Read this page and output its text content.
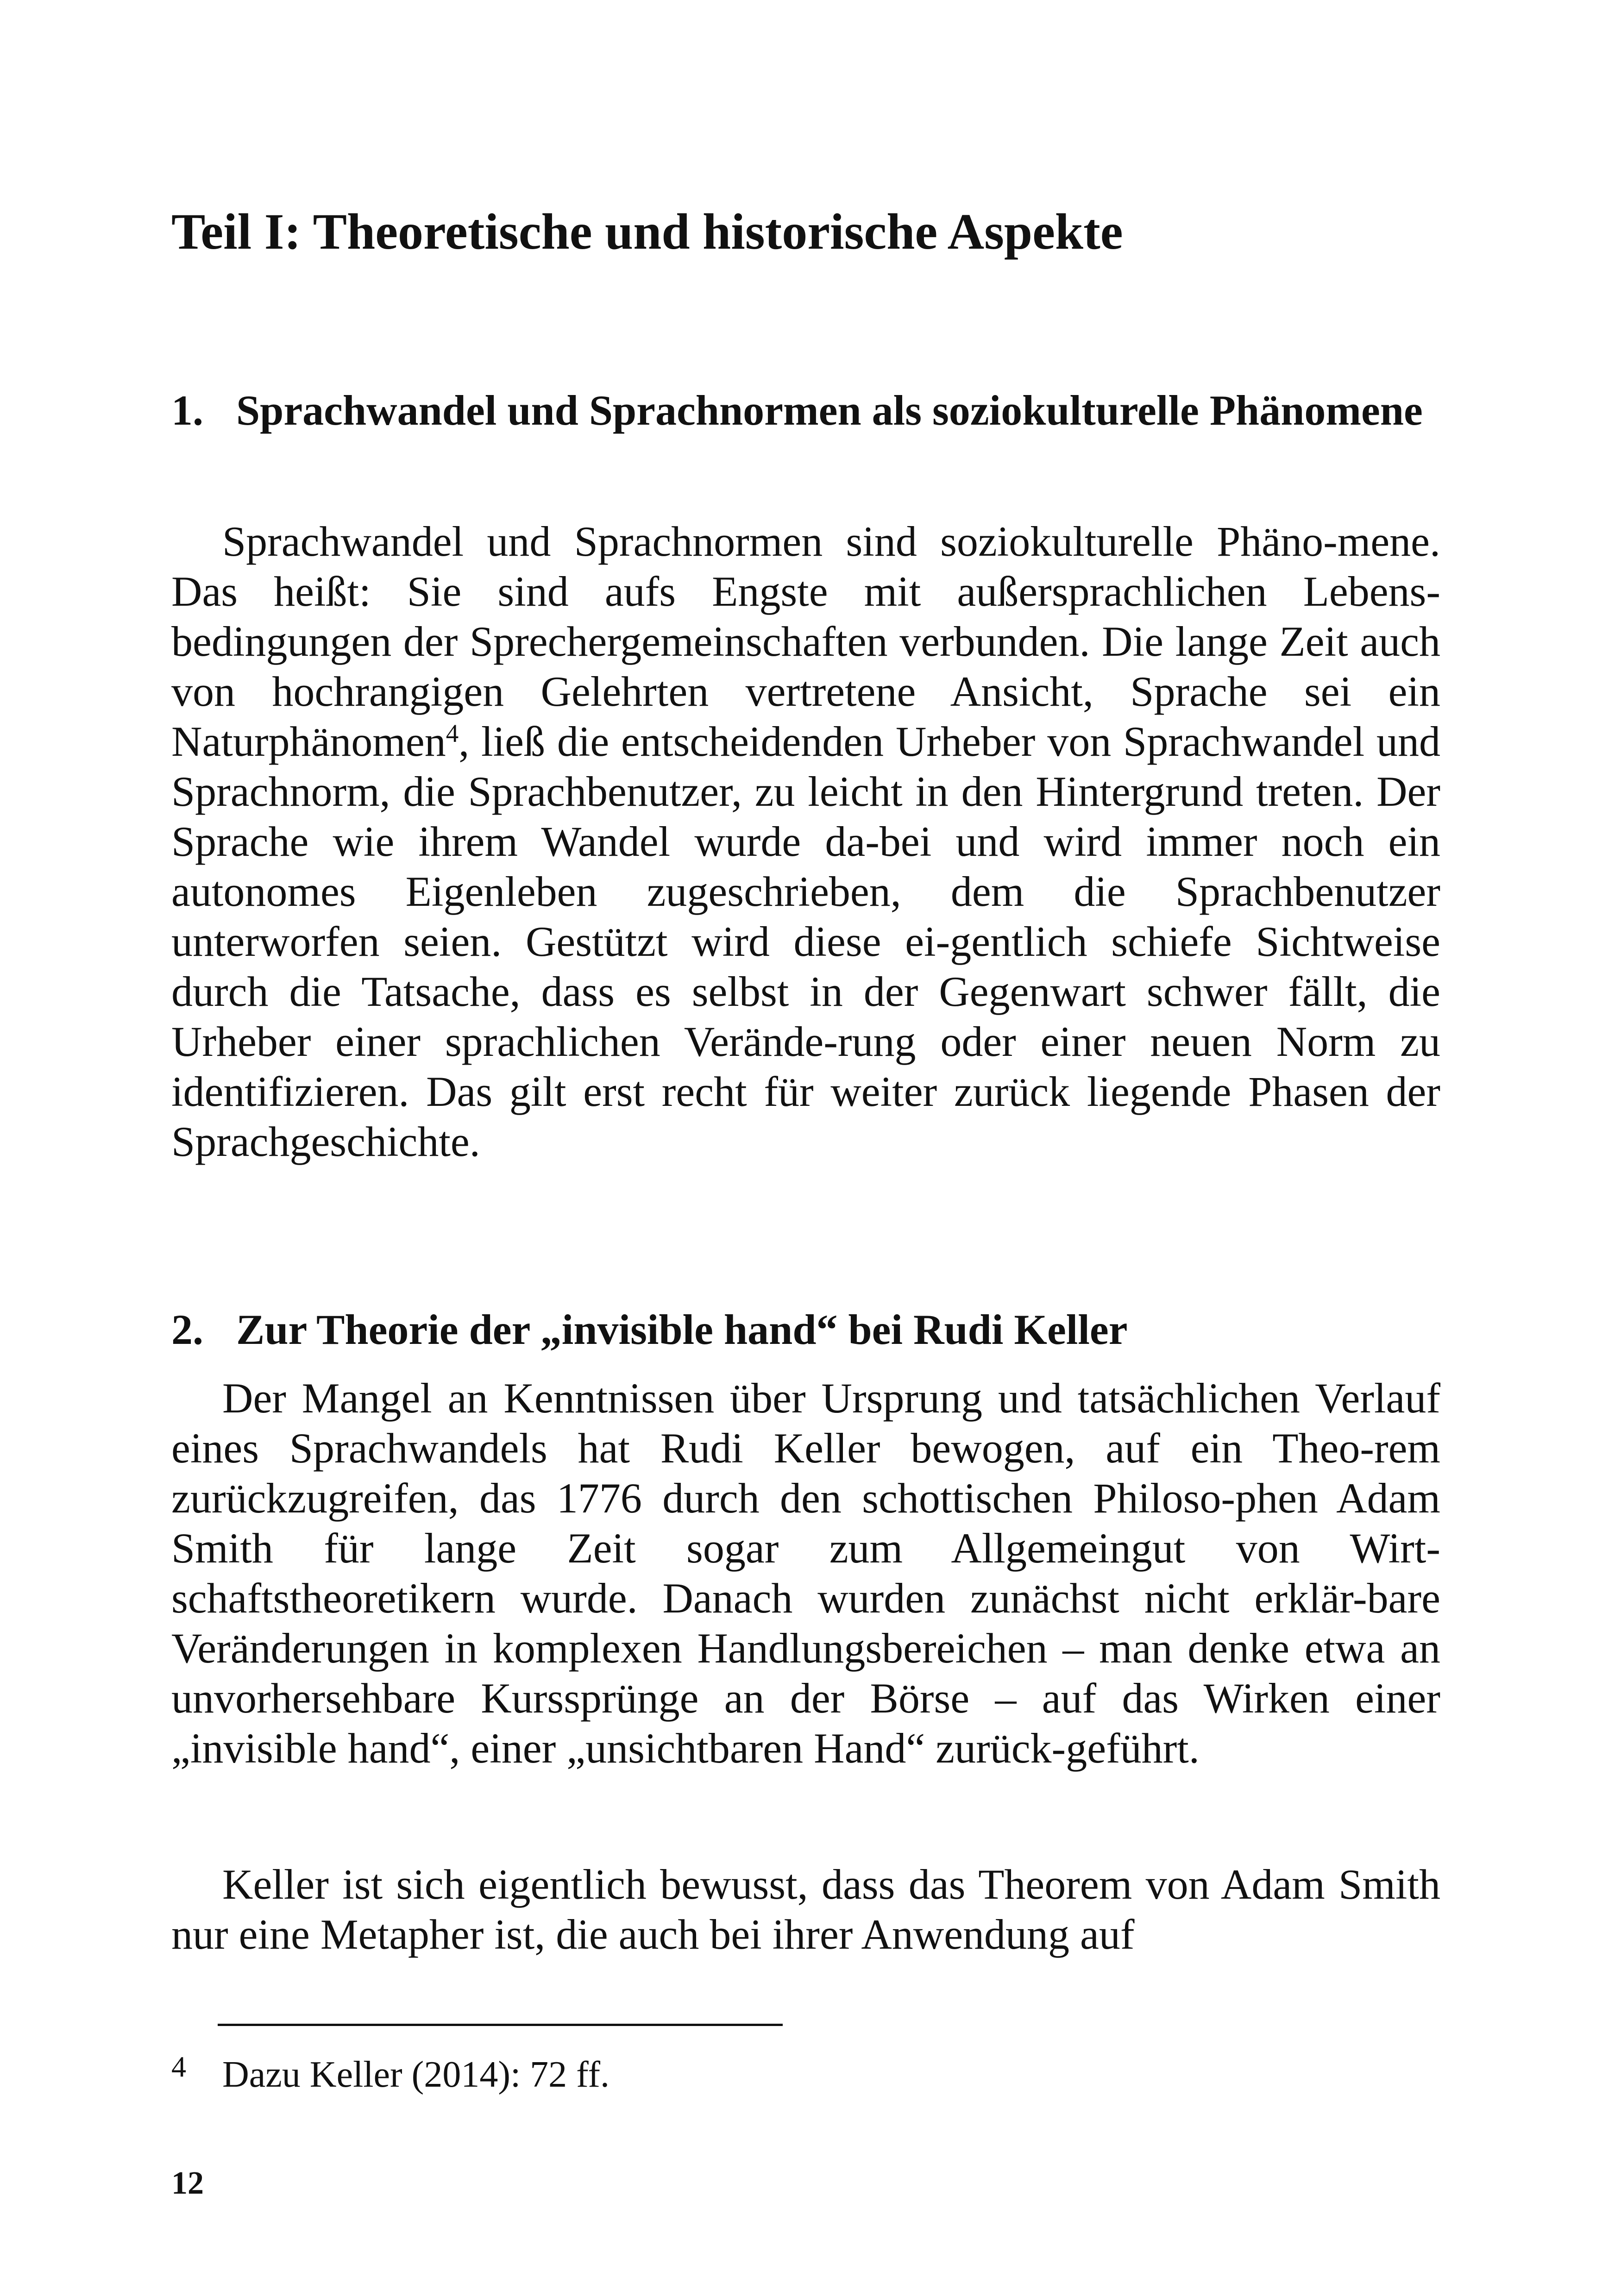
Teil I: Theoretische und historische Aspekte
1. Sprachwandel und Sprachnormen als soziokulturelle Phänomene

Sprachwandel und Sprachnormen sind soziokulturelle Phäno-mene. Das heißt: Sie sind aufs Engste mit außersprachlichen Lebens-bedingungen der Sprechergemeinschaften verbunden. Die lange Zeit auch von hochrangigen Gelehrten vertretene Ansicht, Sprache sei ein Naturphänomen$^4$, ließ die entscheidenden Urheber von Sprachwandel und Sprachnorm, die Sprachbenutzer, zu leicht in den Hintergrund treten. Der Sprache wie ihrem Wandel wurde da-bei und wird immer noch ein autonomes Eigenleben zugeschrieben, dem die Sprachbenutzer unterworfen seien. Gestützt wird diese ei-gentlich schiefe Sichtweise durch die Tatsache, dass es selbst in der Gegenwart schwer fällt, die Urheber einer sprachlichen Verände-rung oder einer neuen Norm zu identifizieren. Das gilt erst recht für weiter zurück liegende Phasen der Sprachgeschichte.

2. Zur Theorie der „invisible hand“ bei Rudi Keller

Der Mangel an Kenntnissen über Ursprung und tatsächlichen Verlauf eines Sprachwandels hat Rudi Keller bewogen, auf ein Theo-rem zurückzugreifen, das 1776 durch den schottischen Philoso-phen Adam Smith für lange Zeit sogar zum Allgemeingut von Wirt-schaftstheoretikern wurde. Danach wurden zunächst nicht erklär-bare Veränderungen in komplexen Handlungsbereichen – man denke etwa an unvorhersehbare Kurssprünge an der Börse – auf das Wirken einer „invisible hand“, einer „unsichtbaren Hand“ zurück-geführt.

Keller ist sich eigentlich bewusst, dass das Theorem von Adam Smith nur eine Metapher ist, die auch bei ihrer Anwendung auf

4 Dazu Keller (2014): 72 ff.

12
